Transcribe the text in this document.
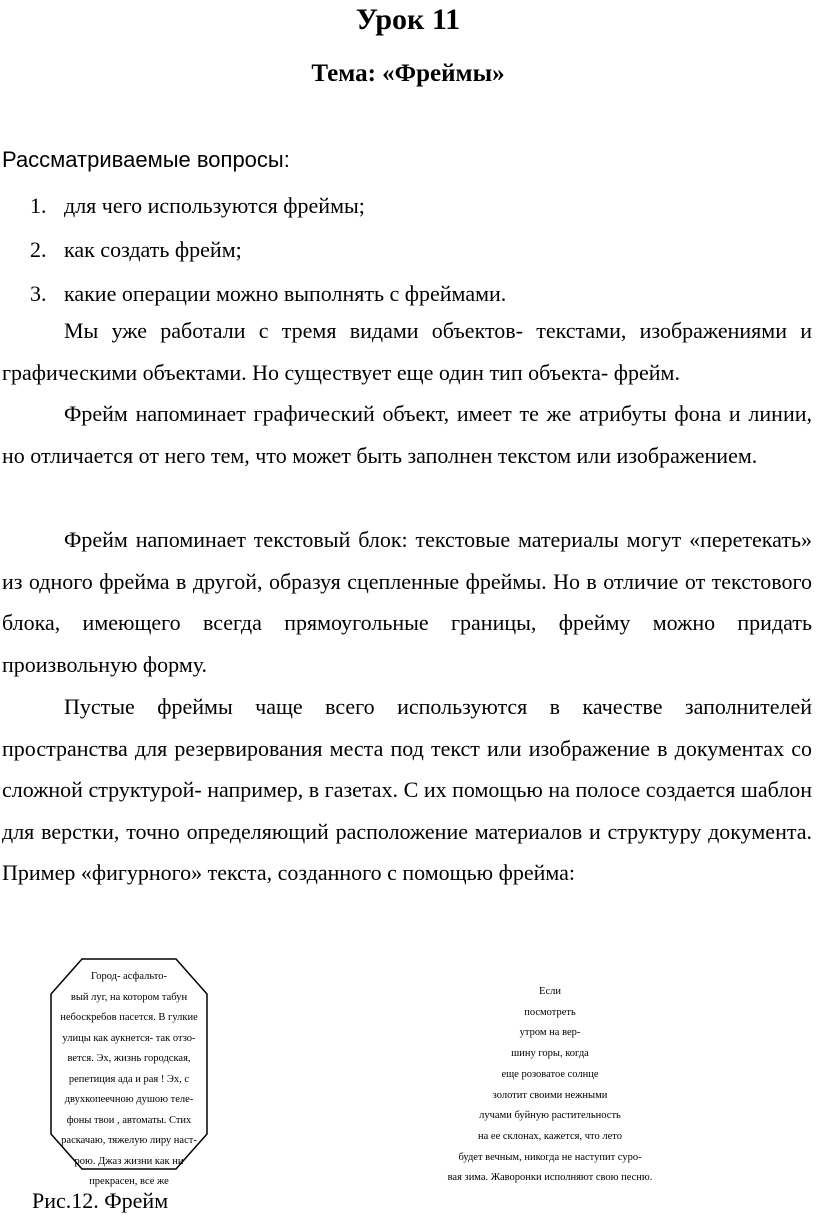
Урок 11
Тема: «Фреймы»
Рассматриваемые вопросы:
1. для чего используются фреймы;
2. как создать фрейм;
3. какие операции можно выполнять с фреймами.

Мы уже работали с тремя видами объектов- текстами, изображениями и графическими объектами. Но существует еще один тип объекта- фрейм.

Фрейм напоминает графический объект, имеет те же атрибуты фона и линии, но отличается от него тем, что может быть заполнен текстом или изображением.

Фрейм напоминает текстовый блок: текстовые материалы могут «перетекать» из одного фрейма в другой, образуя сцепленные фреймы. Но в отличие от текстового блока, имеющего всегда прямоугольные границы, фрейму можно придать произвольную форму.

Пустые фреймы чаще всего используются в качестве заполнителей пространства для резервирования места под текст или изображение в документах со сложной структурой- например, в газетах. С их помощью на полосе создается шаблон для верстки, точно определяющий расположение материалов и структуру документа. Пример «фигурного» текста, созданного с помощью фрейма:

Город- асфальто-
вый луг, на котором табун
небоскребов пасется. В гулкие
улицы как аукнется- так отзо-
вется. Эх, жизнь городская,
репетиция ада и рая ! Эх, с
двухкопеечною душою теле-
фоны твои , автоматы. Стих
раскачаю, тяжелую лиру наст-
рою. Джаз жизни как ни
прекрасен, все же
Если
посмотреть
утром на вер-
шину горы, когда
еще розоватое солнце
золотит своими нежными
лучами буйную растительность
на ее склонах, кажется, что лето
будет вечным, никогда не наступит суро-
вая зима. Жаворонки исполняют свою песню.
Рис.12. Фрейм
